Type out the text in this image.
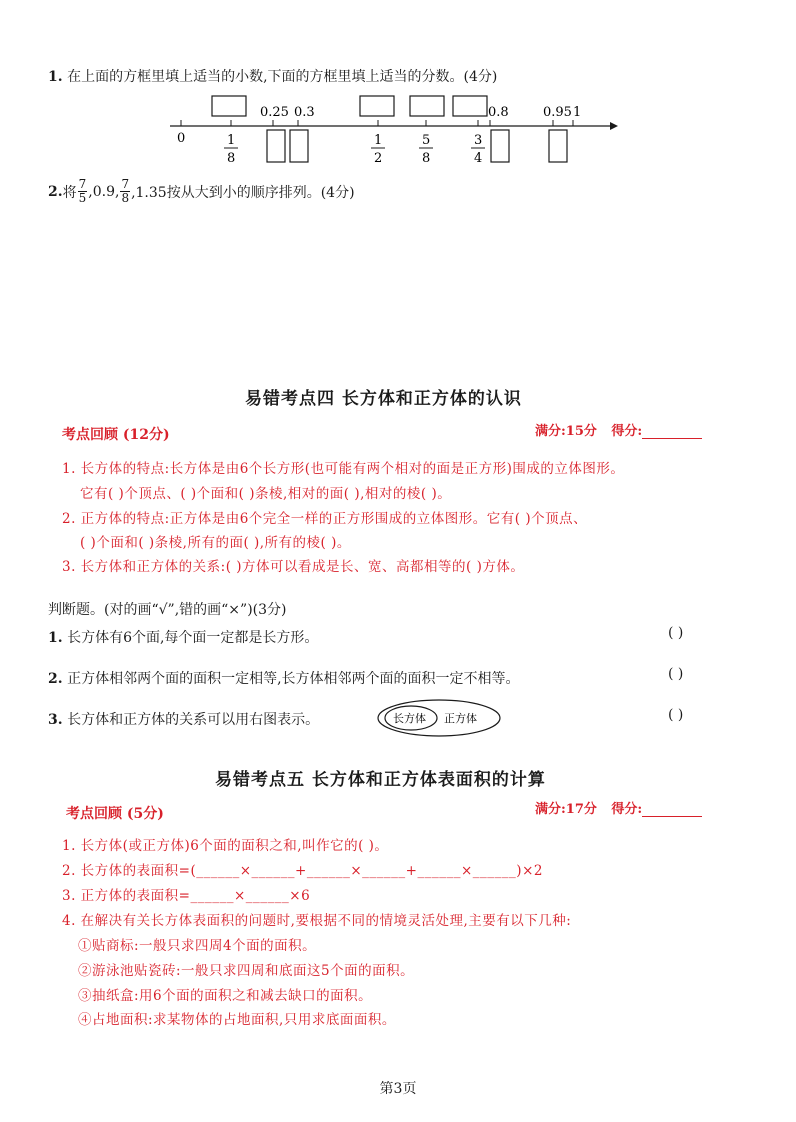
1. 在上面的方框里填上适当的小数,下面的方框里填上适当的分数。(4分)
0.25 0.3	0.8	0.95
0
1
1
8
1
2
5
8
3
4
2. 将 $\frac{7}{5} ,0.9$, $\frac{7}{8} ,1.35$按从大到小的顺序排列。(4分)
易错考点四 长方体和正方体的认识
考点回顾 (12分)	满分:15分 得分:
1. 长方体的特点:长方体是由6个长方形(也可能有两个相对的面是正方形)围成的立体图形。
它有( )个顶点、( )个面和( )条棱,相对的面( ),相对的棱( )。
2. 正方体的特点:正方体是由6个完全一样的正方形围成的立体图形。它有( )个顶点、
( )个面和( )条棱,所有的面( ),所有的棱( )。
3. 长方体和正方体的关系:( )方体可以看成是长、宽、高都相等的( )方体。
判断题。(对的画“√”,错的画“×”)(3分)
1. 长方体有6个面,每个面一定都是长方形。	( )
2. 正方体相邻两个面的面积一定相等,长方体相邻两个面的面积一定不相等。	( )
3. 长方体和正方体的关系可以用右图表示。	( )
长方体 正方体
易错考点五 长方体和正方体表面积的计算
考点回顾 (5分)	满分:17分 得分:
1. 长方体(或正方体)6个面的面积之和,叫作它的( )。
2. 长方体的表面积=(______×______+______×______+______×______)×2
3. 正方体的表面积=______×______×6
4. 在解决有关长方体表面积的问题时,要根据不同的情境灵活处理,主要有以下几种:
①贴商标:一般只求四周4个面的面积。
②游泳池贴瓷砖:一般只求四周和底面这5个面的面积。
③抽纸盒:用6个面的面积之和减去缺口的面积。
④占地面积:求某物体的占地面积,只用求底面面积。
第3页
